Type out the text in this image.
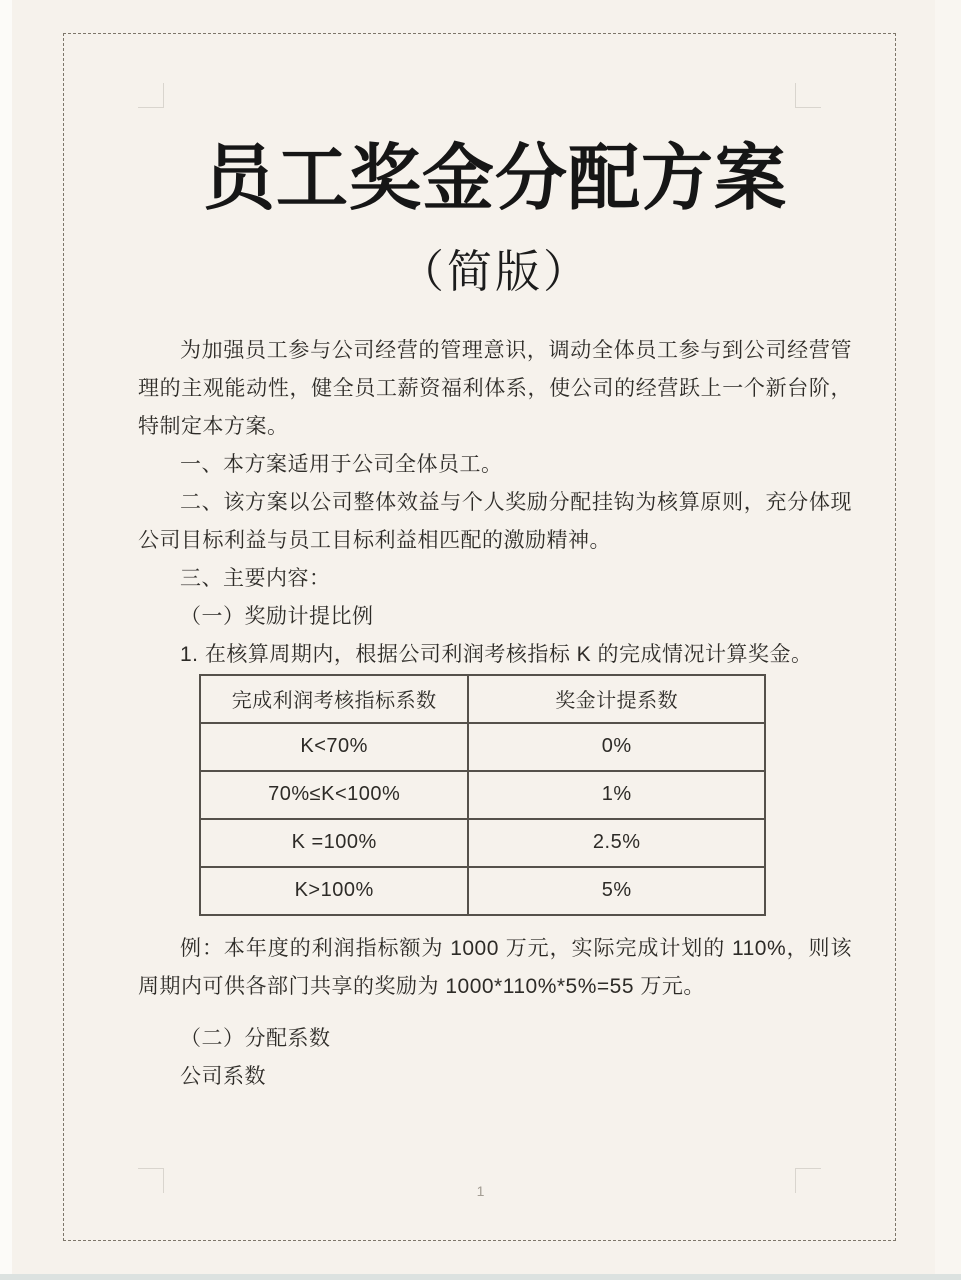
员工奖金分配方案
（简版）

为加强员工参与公司经营的管理意识，调动全体员工参与到公司经营管理的主观能动性，健全员工薪资福利体系，使公司的经营跃上一个新台阶，特制定本方案。

一、本方案适用于公司全体员工。

二、该方案以公司整体效益与个人奖励分配挂钩为核算原则，充分体现公司目标利益与员工目标利益相匹配的激励精神。

三、主要内容：

（一）奖励计提比例

1. 在核算周期内，根据公司利润考核指标 K 的完成情况计算奖金。

完成利润考核指标系数	奖金计提系数
K<70%	0%
70%≤K<100%	1%
K =100%	2.5%
K>100%	5%

例：本年度的利润指标额为 1000 万元，实际完成计划的 110%，则该周期内可供各部门共享的奖励为 1000*110%*5%=55 万元。

（二）分配系数

公司系数

1
